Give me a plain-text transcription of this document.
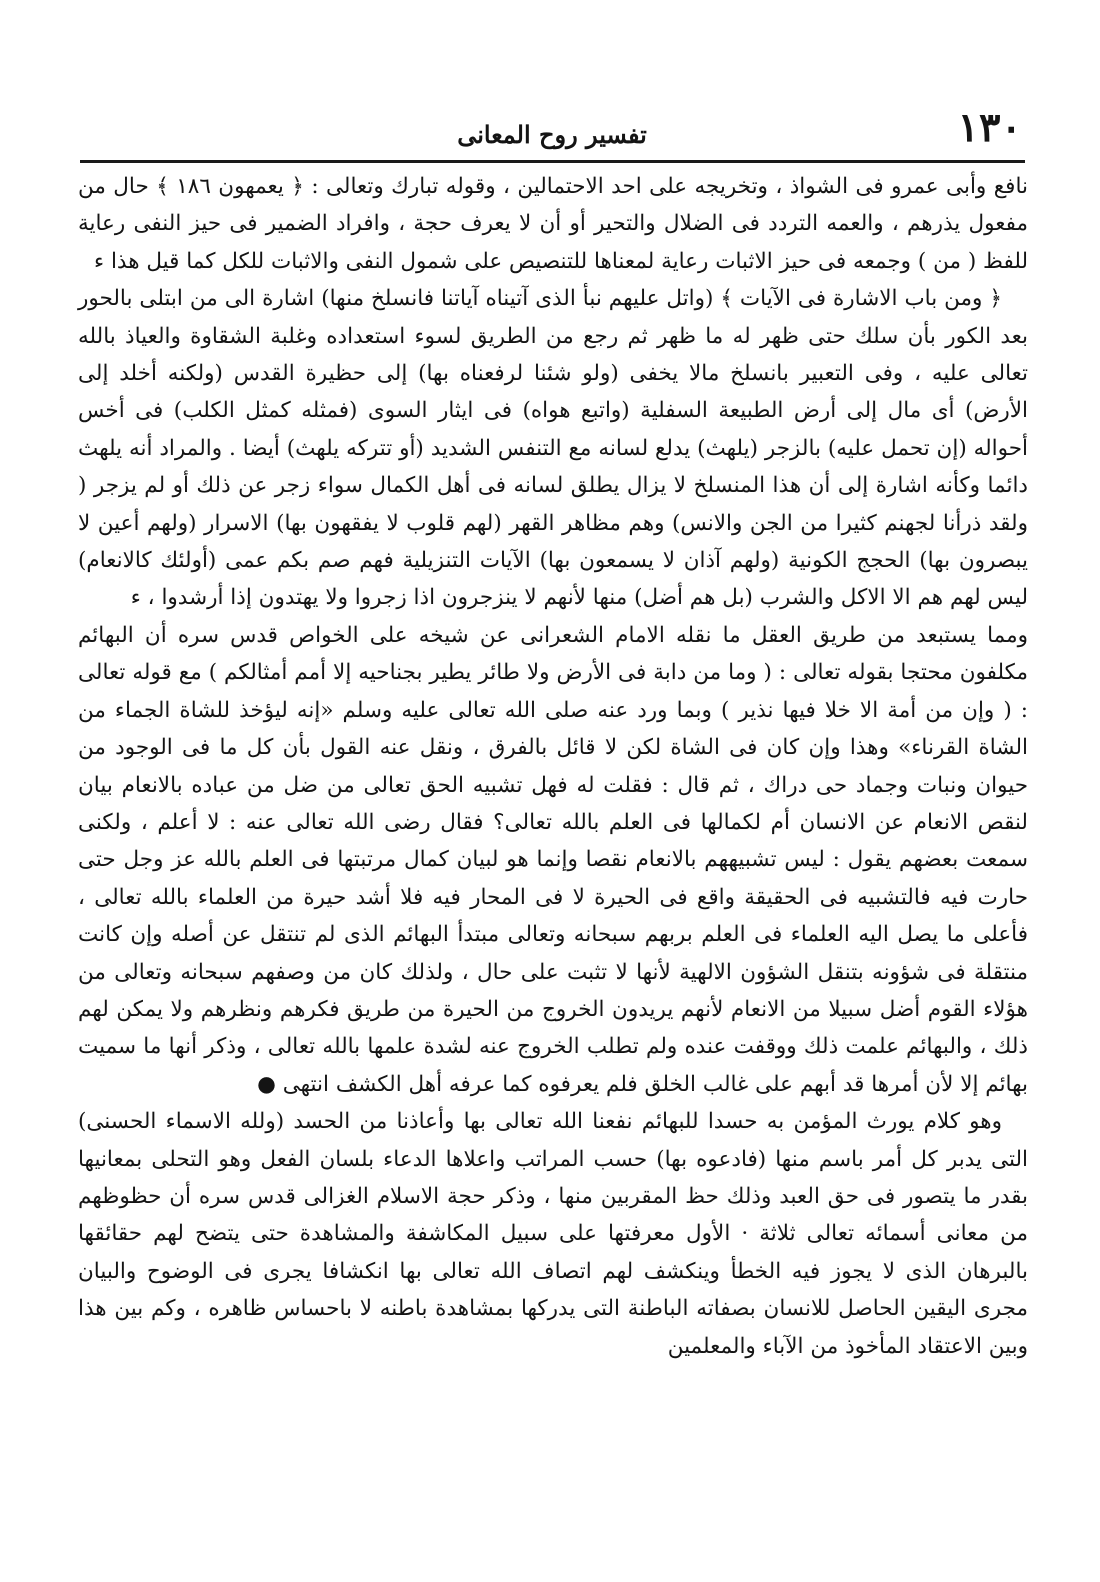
١٣٠
تفسير روح المعانى

نافع وأبى عمرو فى الشواذ ، وتخريجه على احد الاحتمالين ، وقوله تبارك وتعالى : ﴿ يعمهون ١٨٦ ﴾ حال من مفعول يذرهم ، والعمه التردد فى الضلال والتحير أو أن لا يعرف حجة ، وافراد الضمير فى حيز النفى رعاية للفظ ( من ) وجمعه فى حيز الاثبات رعاية لمعناها للتنصيص على شمول النفى والاثبات للكل كما قيل هذا ء

﴿ ومن باب الاشارة فى الآيات ﴾ (واتل عليهم نبأ الذى آتيناه آياتنا فانسلخ منها) اشارة الى من ابتلى بالحور بعد الكور بأن سلك حتى ظهر له ما ظهر ثم رجع من الطريق لسوء استعداده وغلبة الشقاوة والعياذ بالله تعالى عليه ، وفى التعبير بانسلخ مالا يخفى (ولو شئنا لرفعناه بها) إلى حظيرة القدس (ولكنه أخلد إلى الأرض) أى مال إلى أرض الطبيعة السفلية (واتبع هواه) فى ايثار السوى (فمثله كمثل الكلب) فى أخس أحواله (إن تحمل عليه) بالزجر (يلهث) يدلع لسانه مع التنفس الشديد (أو تتركه يلهث) أيضا . والمراد أنه يلهث دائما وكأنه اشارة إلى أن هذا المنسلخ لا يزال يطلق لسانه فى أهل الكمال سواء زجر عن ذلك أو لم يزجر ( ولقد ذرأنا لجهنم كثيرا من الجن والانس) وهم مظاهر القهر (لهم قلوب لا يفقهون بها) الاسرار (ولهم أعين لا يبصرون بها) الحجج الكونية (ولهم آذان لا يسمعون بها) الآيات التنزيلية فهم صم بكم عمى (أولئك كالانعام) ليس لهم هم الا الاكل والشرب (بل هم أضل) منها لأنهم لا ينزجرون اذا زجروا ولا يهتدون إذا أرشدوا ، ء

ومما يستبعد من طريق العقل ما نقله الامام الشعرانى عن شيخه على الخواص قدس سره أن البهائم مكلفون محتجا بقوله تعالى : ( وما من دابة فى الأرض ولا طائر يطير بجناحيه إلا أمم أمثالكم ) مع قوله تعالى : ( وإن من أمة الا خلا فيها نذير ) وبما ورد عنه صلى الله تعالى عليه وسلم «إنه ليؤخذ للشاة الجماء من الشاة القرناء» وهذا وإن كان فى الشاة لكن لا قائل بالفرق ، ونقل عنه القول بأن كل ما فى الوجود من حيوان ونبات وجماد حى دراك ، ثم قال : فقلت له فهل تشبيه الحق تعالى من ضل من عباده بالانعام بيان لنقص الانعام عن الانسان أم لكمالها فى العلم بالله تعالى؟ فقال رضى الله تعالى عنه : لا أعلم ، ولكنى سمعت بعضهم يقول : ليس تشبيههم بالانعام نقصا وإنما هو لبيان كمال مرتبتها فى العلم بالله عز وجل حتى حارت فيه فالتشبيه فى الحقيقة واقع فى الحيرة لا فى المحار فيه فلا أشد حيرة من العلماء بالله تعالى ، فأعلى ما يصل اليه العلماء فى العلم بربهم سبحانه وتعالى مبتدأ البهائم الذى لم تنتقل عن أصله وإن كانت منتقلة فى شؤونه بتنقل الشؤون الالهية لأنها لا تثبت على حال ، ولذلك كان من وصفهم سبحانه وتعالى من هؤلاء القوم أضل سبيلا من الانعام لأنهم يريدون الخروج من الحيرة من طريق فكرهم ونظرهم ولا يمكن لهم ذلك ، والبهائم علمت ذلك ووقفت عنده ولم تطلب الخروج عنه لشدة علمها بالله تعالى ، وذكر أنها ما سميت بهائم إلا لأن أمرها قد أبهم على غالب الخلق فلم يعرفوه كما عرفه أهل الكشف انتهى ●

وهو كلام يورث المؤمن به حسدا للبهائم نفعنا الله تعالى بها وأعاذنا من الحسد (ولله الاسماء الحسنى) التى يدبر كل أمر باسم منها (فادعوه بها) حسب المراتب واعلاها الدعاء بلسان الفعل وهو التحلى بمعانيها بقدر ما يتصور فى حق العبد وذلك حظ المقربين منها ، وذكر حجة الاسلام الغزالى قدس سره أن حظوظهم من معانى أسمائه تعالى ثلاثة · الأول معرفتها على سبيل المكاشفة والمشاهدة حتى يتضح لهم حقائقها بالبرهان الذى لا يجوز فيه الخطأ وينكشف لهم اتصاف الله تعالى بها انكشافا يجرى فى الوضوح والبيان مجرى اليقين الحاصل للانسان بصفاته الباطنة التى يدركها بمشاهدة باطنه لا باحساس ظاهره ، وكم بين هذا وبين الاعتقاد المأخوذ من الآباء والمعلمين
